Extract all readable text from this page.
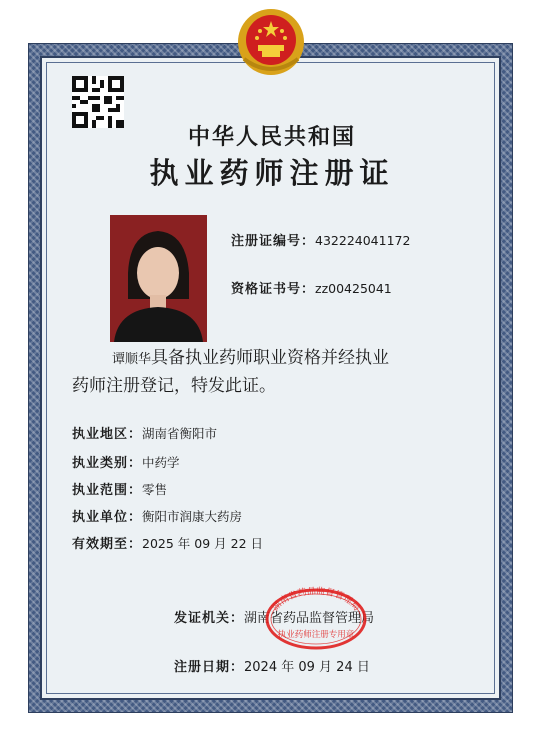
中华人民共和国
执业药师注册证
注册证编号：432224041172
资格证书号：zz00425041
谭顺华具备执业药师职业资格并经执业
药师注册登记，特发此证。
执业地区：湖南省衡阳市
执业类别：中药学
执业范围：零售
执业单位：衡阳市润康大药房
有效期至：2025 年 09 月 22 日
发证机关：湖南省药品监督管理局
湖南省药品监督管理局
执业药师注册专用章
注册日期：2024 年 09 月 24 日
